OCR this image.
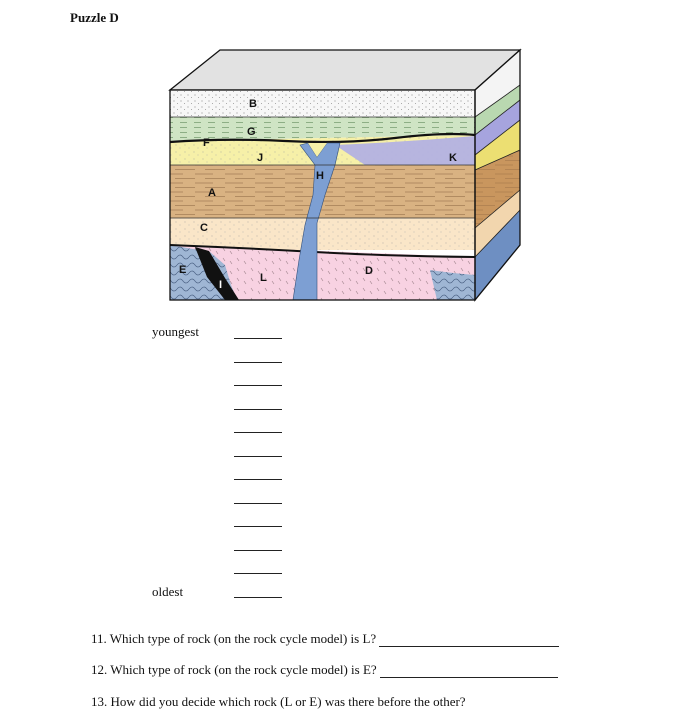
Puzzle D
B
G
F
J
H
K
A
C
D
E
I
L
youngest
oldest
11. Which type of rock (on the rock cycle model) is L?
12. Which type of rock (on the rock cycle model) is E?
13. How did you decide which rock (L or E) was there before the other?
